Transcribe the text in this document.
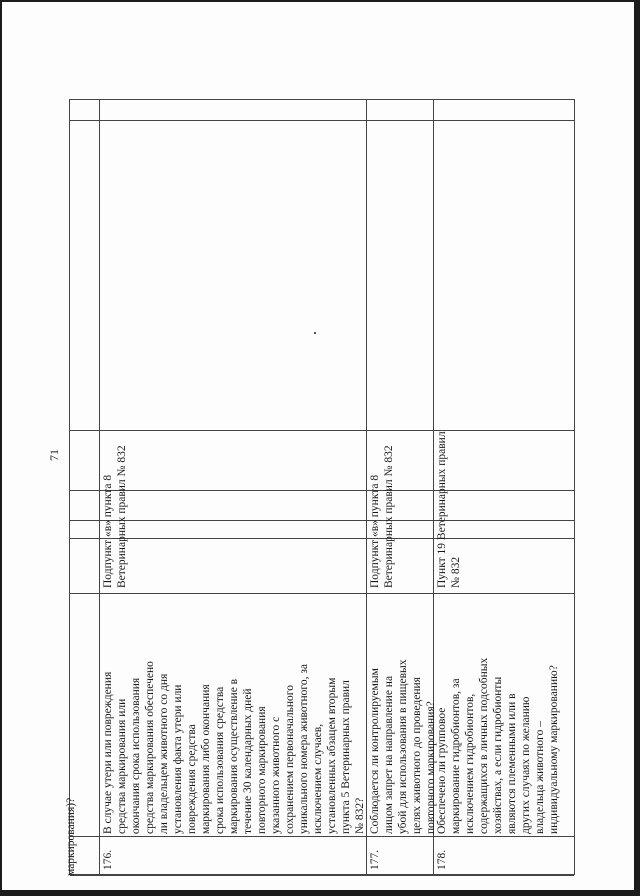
71
маркирования)? 176.
В случае утери или повреждения средства маркирования или окончания срока использования средства маркирования обеспечено ли владельцем животного со дня установления факта утери или повреждения средства маркирования либо окончания срока использования средства маркирования осуществление в течение 30 календарных дней повторного маркирования указанного животного с сохранением первоначального уникального номера животного, за исключением случаев, установленных абзацем вторым пункта 5 Ветеринарных правил № 832?
Подпункт «в» пункта 8 Ветеринарных правил № 832
177.
Соблюдается ли контролируемым лицом запрет на направление на убой для использования в пищевых целях животного до проведения повторного маркирования?
Подпункт «в» пункта 8 Ветеринарных правил № 832
178.
Обеспечено ли групповое маркирование гидробионтов, за исключением гидробионтов, содержащихся в личных подсобных хозяйствах, а если гидробионты являются племенными или в других случаях по желанию владельца животного – индивидуальному маркированию?
Пункт 19 Ветеринарных правил № 832
